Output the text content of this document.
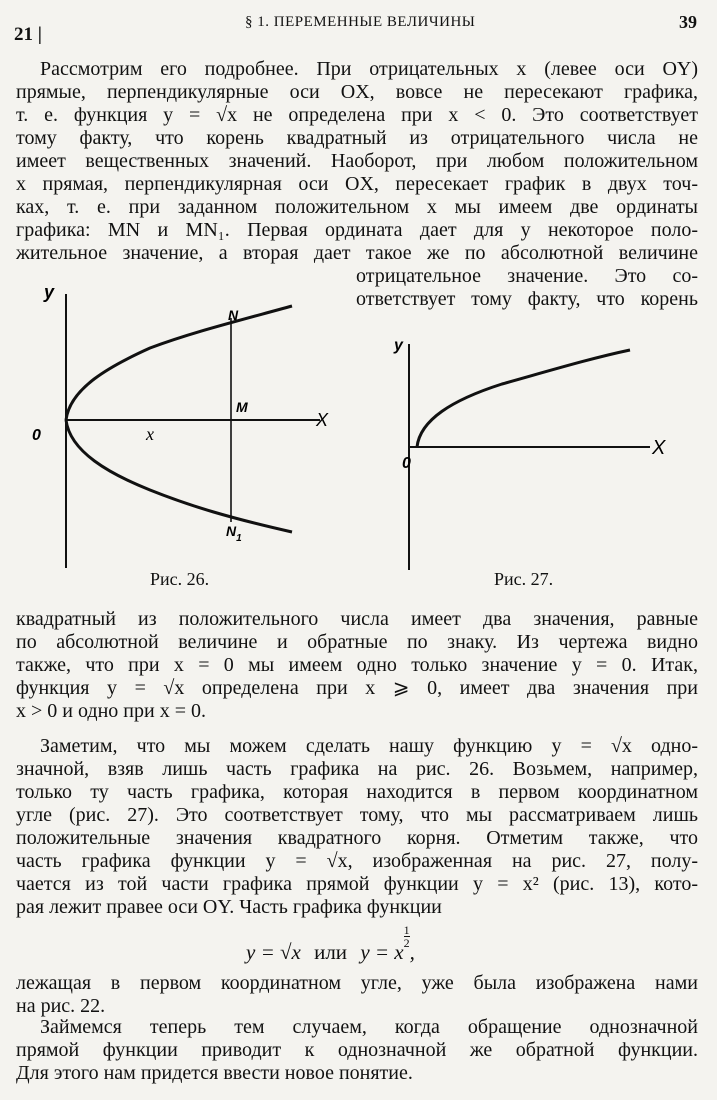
21 |
§ 1. ПЕРЕМЕННЫЕ ВЕЛИЧИНЫ	39
Рассмотрим его подробнее. При отрицательных x (левее оси OY)
прямые, перпендикулярные оси OX, вовсе не пересекают графика,
т. е. функция y = √x не определена при x < 0. Это соответствует
тому факту, что корень квадратный из отрицательного числа не
имеет вещественных значений. Наоборот, при любом положительном
x прямая, перпендикулярная оси OX, пересекает график в двух точ-
ках, т. е. при заданном положительном x мы имеем две ординаты
графика: MN и MN₁. Первая ордината дает для y некоторое поло-
жительное значение, а вторая дает такое же по абсолютной величине
отрицательное значение. Это со-
ответствует тому факту, что корень
y
X
0	x
M
N
$N_1$
Рис. 26.
y
X
0
Рис. 27.
квадратный из положительного числа имеет два значения, равные
по абсолютной величине и обратные по знаку. Из чертежа видно
также, что при x = 0 мы имеем одно только значение y = 0. Итак,
функция y = √x определена при x ⩾ 0, имеет два значения при
x > 0 и одно при x = 0.
Заметим, что мы можем сделать нашу функцию y = √x одно-
значной, взяв лишь часть графика на рис. 26. Возьмем, например,
только ту часть графика, которая находится в первом координатном
угле (рис. 27). Это соответствует тому, что мы рассматриваем лишь
положительные значения квадратного корня. Отметим также, что
часть графика функции y = √x, изображенная на рис. 27, полу-
чается из той части графика прямой функции y = x² (рис. 13), кото-
рая лежит правее оси OY. Часть графика функции
y = √x или y = x
$\frac{1}{2}$
,
лежащая в первом координатном угле, уже была изображена нами
на рис. 22.
Займемся теперь тем случаем, когда обращение однозначной
прямой функции приводит к однозначной же обратной функции.
Для этого нам придется ввести новое понятие.
